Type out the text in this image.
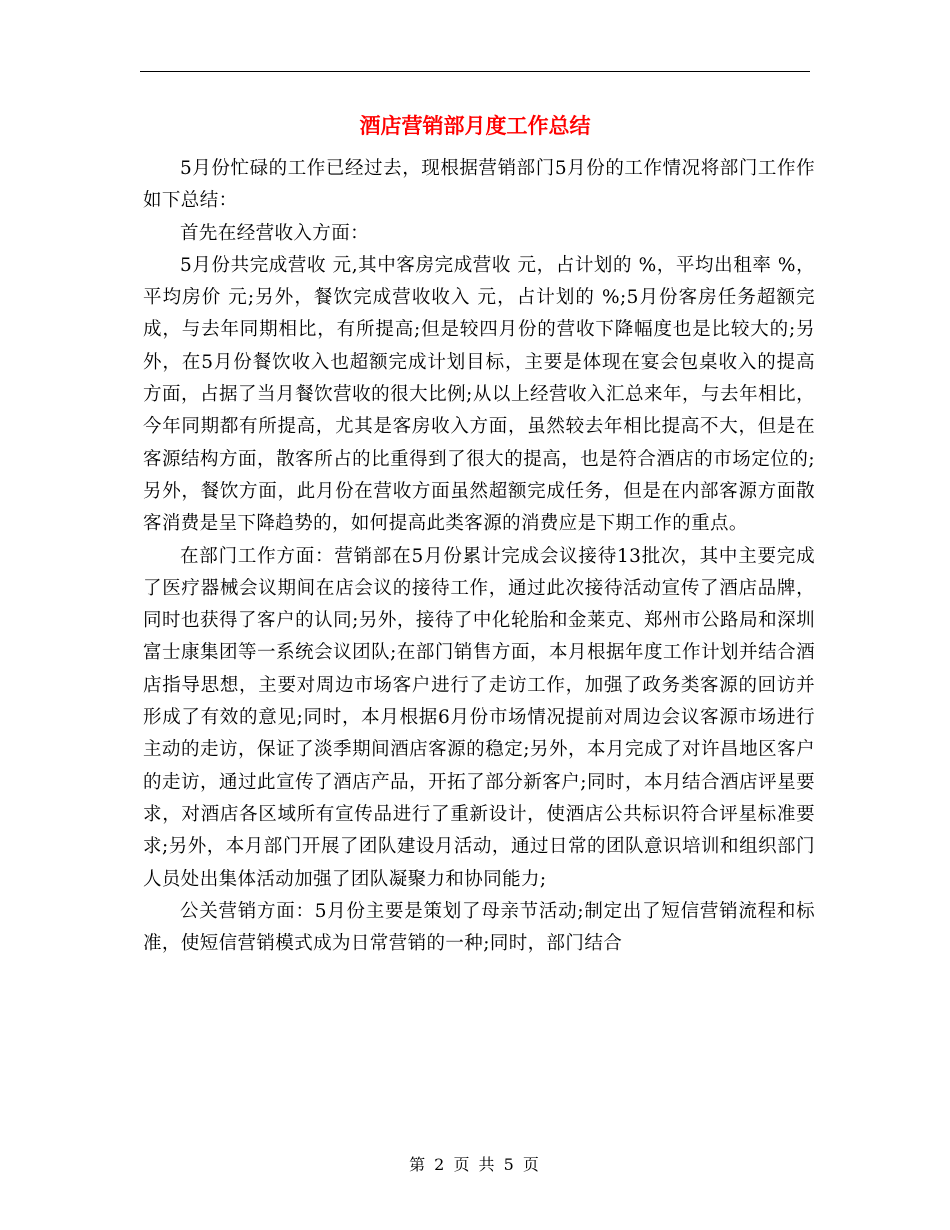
酒店营销部月度工作总结

5月份忙碌的工作已经过去，现根据营销部门5月份的工作情况将部门工作作如下总结：

首先在经营收入方面：

5月份共完成营收 元,其中客房完成营收 元，占计划的 %，平均出租率 %，平均房价 元;另外，餐饮完成营收收入 元，占计划的 %;5月份客房任务超额完成，与去年同期相比，有所提高;但是较四月份的营收下降幅度也是比较大的;另外，在5月份餐饮收入也超额完成计划目标，主要是体现在宴会包桌收入的提高方面，占据了当月餐饮营收的很大比例;从以上经营收入汇总来年，与去年相比，今年同期都有所提高，尤其是客房收入方面，虽然较去年相比提高不大，但是在客源结构方面，散客所占的比重得到了很大的提高，也是符合酒店的市场定位的;另外，餐饮方面，此月份在营收方面虽然超额完成任务，但是在内部客源方面散客消费是呈下降趋势的，如何提高此类客源的消费应是下期工作的重点。

在部门工作方面：营销部在5月份累计完成会议接待13批次，其中主要完成了医疗器械会议期间在店会议的接待工作，通过此次接待活动宣传了酒店品牌，同时也获得了客户的认同;另外，接待了中化轮胎和金莱克、郑州市公路局和深圳富士康集团等一系统会议团队;在部门销售方面，本月根据年度工作计划并结合酒店指导思想，主要对周边市场客户进行了走访工作，加强了政务类客源的回访并形成了有效的意见;同时，本月根据6月份市场情况提前对周边会议客源市场进行主动的走访，保证了淡季期间酒店客源的稳定;另外，本月完成了对许昌地区客户的走访，通过此宣传了酒店产品，开拓了部分新客户;同时，本月结合酒店评星要求，对酒店各区域所有宣传品进行了重新设计，使酒店公共标识符合评星标准要求;另外，本月部门开展了团队建设月活动，通过日常的团队意识培训和组织部门人员处出集体活动加强了团队凝聚力和协同能力;

公关营销方面：5月份主要是策划了母亲节活动;制定出了短信营销流程和标准，使短信营销模式成为日常营销的一种;同时，部门结合

第 2 页 共 5 页
